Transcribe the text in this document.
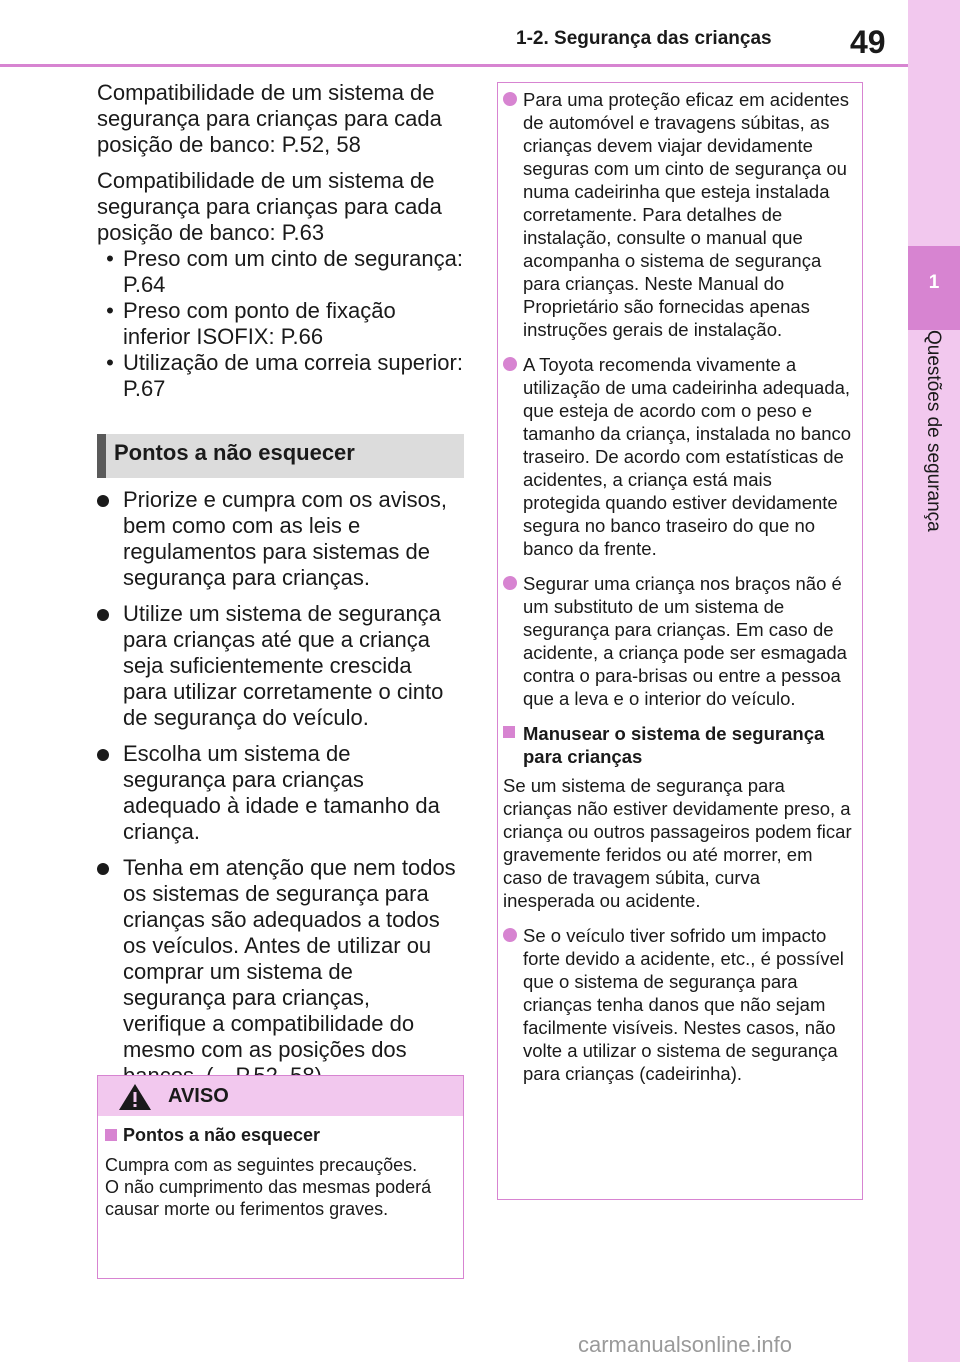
1-2. Segurança das crianças 49
1
Questões de segurança
Compatibilidade de um sistema de segurança para crianças para cada posição de banco: P.52, 58
Compatibilidade de um sistema de segurança para crianças para cada posição de banco: P.63
• Preso com um cinto de segurança: P.64
• Preso com ponto de fixação inferior ISOFIX: P.66
• Utilização de uma correia superior: P.67
Pontos a não esquecer
Priorize e cumpra com os avisos, bem como com as leis e regulamentos para sistemas de segurança para crianças.
Utilize um sistema de segurança para crianças até que a criança seja suficientemente crescida para utilizar corretamente o cinto de segurança do veículo.
Escolha um sistema de segurança para crianças adequado à idade e tamanho da criança.
Tenha em atenção que nem todos os sistemas de segurança para crianças são adequados a todos os veículos. Antes de utilizar ou comprar um sistema de segurança para crianças, verifique a compatibilidade do mesmo com as posições dos
AVISO
Pontos a não esquecer
Cumpra com as seguintes precauções.
O não cumprimento das mesmas poderá causar morte ou ferimentos graves.
Para uma proteção eficaz em acidentes de automóvel e travagens súbitas, as crianças devem viajar devidamente seguras com um cinto de segurança ou numa cadeirinha que esteja instalada corretamente. Para detalhes de instalação, consulte o manual que acompanha o sistema de segurança para crianças. Neste Manual do Proprietário são fornecidas apenas instruções gerais de instalação.
A Toyota recomenda vivamente a utilização de uma cadeirinha adequada, que esteja de acordo com o peso e tamanho da criança, instalada no banco traseiro. De acordo com estatísticas de acidentes, a criança está mais protegida quando estiver devidamente segura no banco traseiro do que no banco da frente.
Segurar uma criança nos braços não é um substituto de um sistema de segurança para crianças. Em caso de acidente, a criança pode ser esmagada contra o para-brisas ou entre a pessoa que a leva e o interior do veículo.
Manusear o sistema de segurança para crianças
Se um sistema de segurança para crianças não estiver devidamente preso, a criança ou outros passageiros podem ficar gravemente feridos ou até morrer, em caso de travagem súbita, curva inesperada ou acidente.
Se o veículo tiver sofrido um impacto forte devido a acidente, etc., é possível que o sistema de segurança para crianças tenha danos que não sejam facilmente visíveis. Nestes casos, não volte a utilizar o sistema de segurança para crianças (cadeirinha).
carmanualsonline.info
